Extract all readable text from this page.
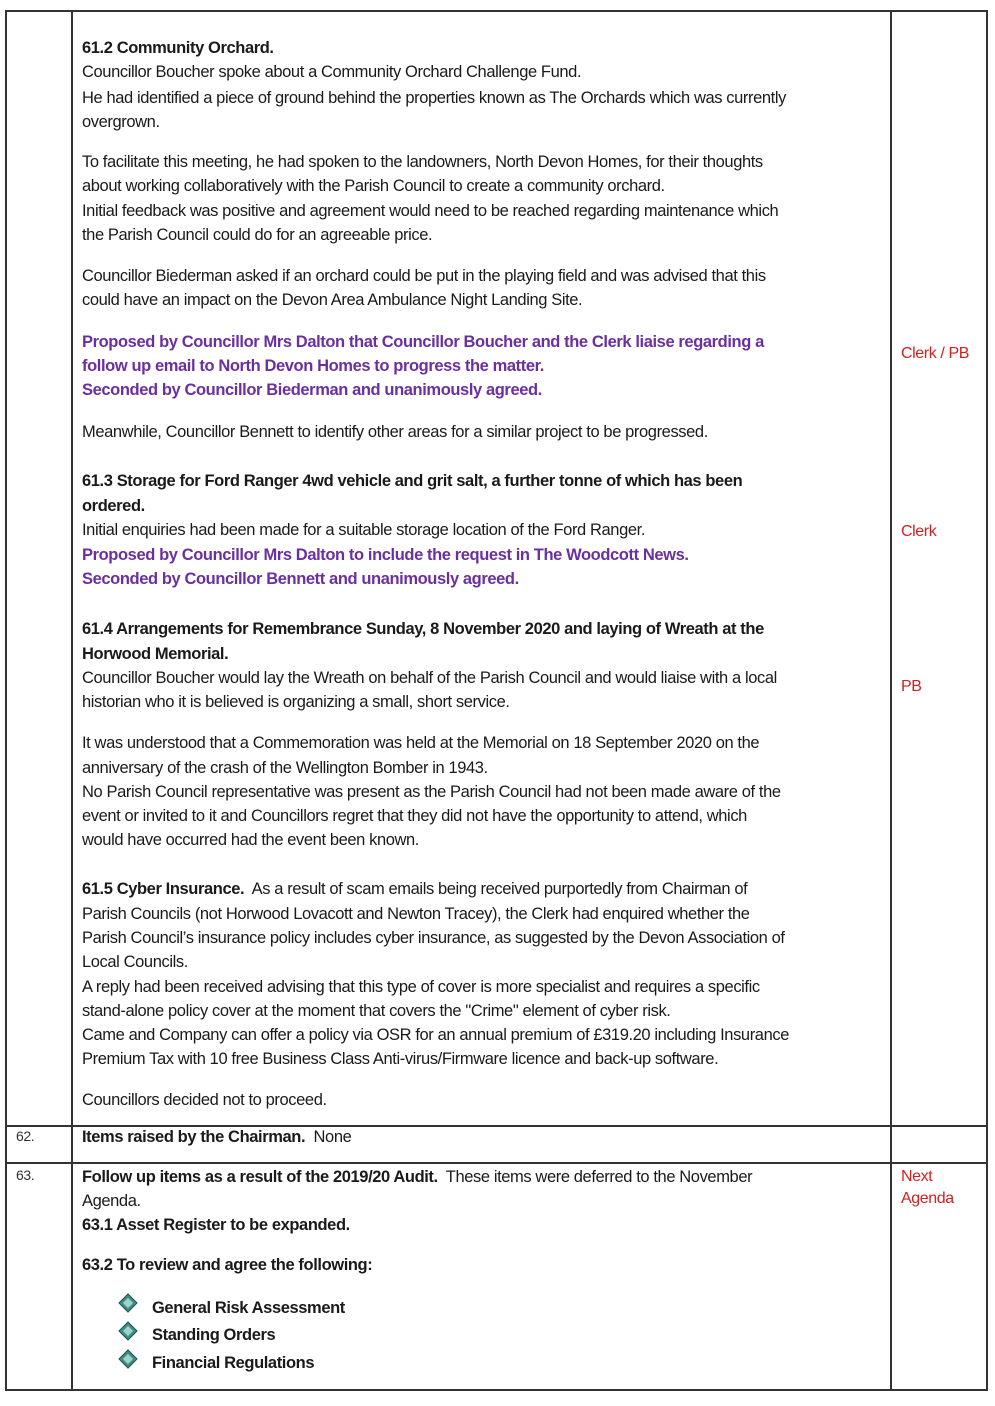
61.2 Community Orchard.
Councillor Boucher spoke about a Community Orchard Challenge Fund.
He had identified a piece of ground behind the properties known as The Orchards which was currently
overgrown.
To facilitate this meeting, he had spoken to the landowners, North Devon Homes, for their thoughts
about working collaboratively with the Parish Council to create a community orchard.
Initial feedback was positive and agreement would need to be reached regarding maintenance which
the Parish Council could do for an agreeable price.
Councillor Biederman asked if an orchard could be put in the playing field and was advised that this
could have an impact on the Devon Area Ambulance Night Landing Site.
Proposed by Councillor Mrs Dalton that Councillor Boucher and the Clerk liaise regarding a
follow up email to North Devon Homes to progress the matter.
Seconded by Councillor Biederman and unanimously agreed.
Clerk / PB
Meanwhile, Councillor Bennett to identify other areas for a similar project to be progressed.
61.3 Storage for Ford Ranger 4wd vehicle and grit salt, a further tonne of which has been
ordered.
Initial enquiries had been made for a suitable storage location of the Ford Ranger.
Proposed by Councillor Mrs Dalton to include the request in The Woodcott News.
Seconded by Councillor Bennett and unanimously agreed.
Clerk
61.4 Arrangements for Remembrance Sunday, 8 November 2020 and laying of Wreath at the
Horwood Memorial.
Councillor Boucher would lay the Wreath on behalf of the Parish Council and would liaise with a local
historian who it is believed is organizing a small, short service.
PB
It was understood that a Commemoration was held at the Memorial on 18 September 2020 on the
anniversary of the crash of the Wellington Bomber in 1943.
No Parish Council representative was present as the Parish Council had not been made aware of the
event or invited to it and Councillors regret that they did not have the opportunity to attend, which
would have occurred had the event been known.
61.5 Cyber Insurance.  As a result of scam emails being received purportedly from Chairman of
Parish Councils (not Horwood Lovacott and Newton Tracey), the Clerk had enquired whether the
Parish Council’s insurance policy includes cyber insurance, as suggested by the Devon Association of
Local Councils.
A reply had been received advising that this type of cover is more specialist and requires a specific
stand-alone policy cover at the moment that covers the "Crime" element of cyber risk.
Came and Company can offer a policy via OSR for an annual premium of £319.20 including Insurance
Premium Tax with 10 free Business Class Anti-virus/Firmware licence and back-up software.
Councillors decided not to proceed.
62.	Items raised by the Chairman.  None
63.	Follow up items as a result of the 2019/20 Audit.  These items were deferred to the November
Agenda.
63.1 Asset Register to be expanded.
63.2 To review and agree the following:
Next
Agenda
General Risk Assessment
Standing Orders
Financial Regulations
